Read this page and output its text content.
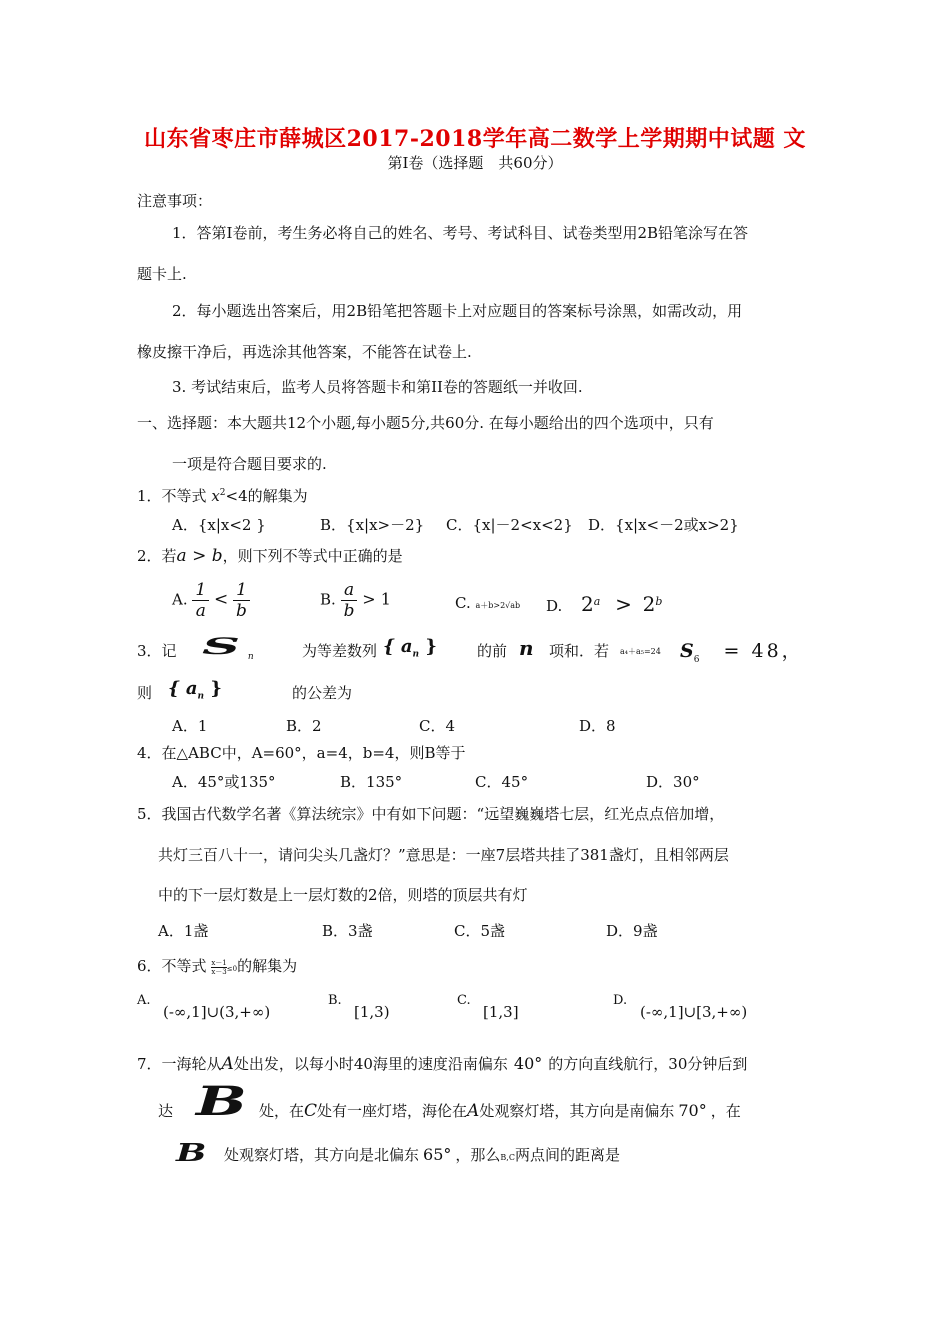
山东省枣庄市薛城区2017-2018学年高二数学上学期期中试题 文
第Ⅰ卷（选择题　共60分）
注意事项：
1．答第Ⅰ卷前，考生务必将自己的姓名、考号、考试科目、试卷类型用2B铅笔涂写在答
题卡上.
2．每小题选出答案后，用2B铅笔把答题卡上对应题目的答案标号涂黑，如需改动，用
橡皮擦干净后，再选涂其他答案，不能答在试卷上.
3. 考试结束后，监考人员将答题卡和第II卷的答题纸一并收回.
一、选择题：本大题共12个小题,每小题5分,共60分. 在每小题给出的四个选项中，只有
一项是符合题目要求的.
1．不等式 $x^2<4$的解集为
A．{x|x<2 }	B．{x|x>－2} C．{x|－2<x<2} D．{x|x<－2或x>2}
2．若a > b，则下列不等式中正确的是
A. $\frac{1}{a} < \frac{1}{b}$	B. $\frac{a}{b} > 1$	C. a＋b>2√ab D. $2^a > 2^b$
3．记 S $_n$	为等差数列 { $a_n$ }	的前 n 项和．若 a₄＋a₅=24 $S_6 = 48$，
则 { $a_n$ }	的公差为
A．1	B．2	C．4	D．8
4．在△ABC中，A=60°，a=4，b=4，则B等于
A．45°或135°	B．135°	C．45°	D．30°
5．我国古代数学名著《算法统宗》中有如下问题：“远望巍巍塔七层，红光点点倍加增，
共灯三百八十一，请问尖头几盏灯？”意思是：一座7层塔共挂了381盏灯，且相邻两层
中的下一层灯数是上一层灯数的2倍，则塔的顶层共有灯
A．1盏	B．3盏	C．5盏	D．9盏
6．不等式 $\frac{x-1}{x-3} \le 0$的解集为
A.
(-∞,1]∪(3,+∞)
B.
[1,3)
C.
[1,3]
D.
(-∞,1]∪[3,+∞)
7．一海轮从A处出发，以每小时40海里的速度沿南偏东 40° 的方向直线航行，30分钟后到
达 B 处，在C处有一座灯塔，海伦在A处观察灯塔，其方向是南偏东 70° ，在
B 处观察灯塔，其方向是北偏东 65° ，那么B,C两点间的距离是
